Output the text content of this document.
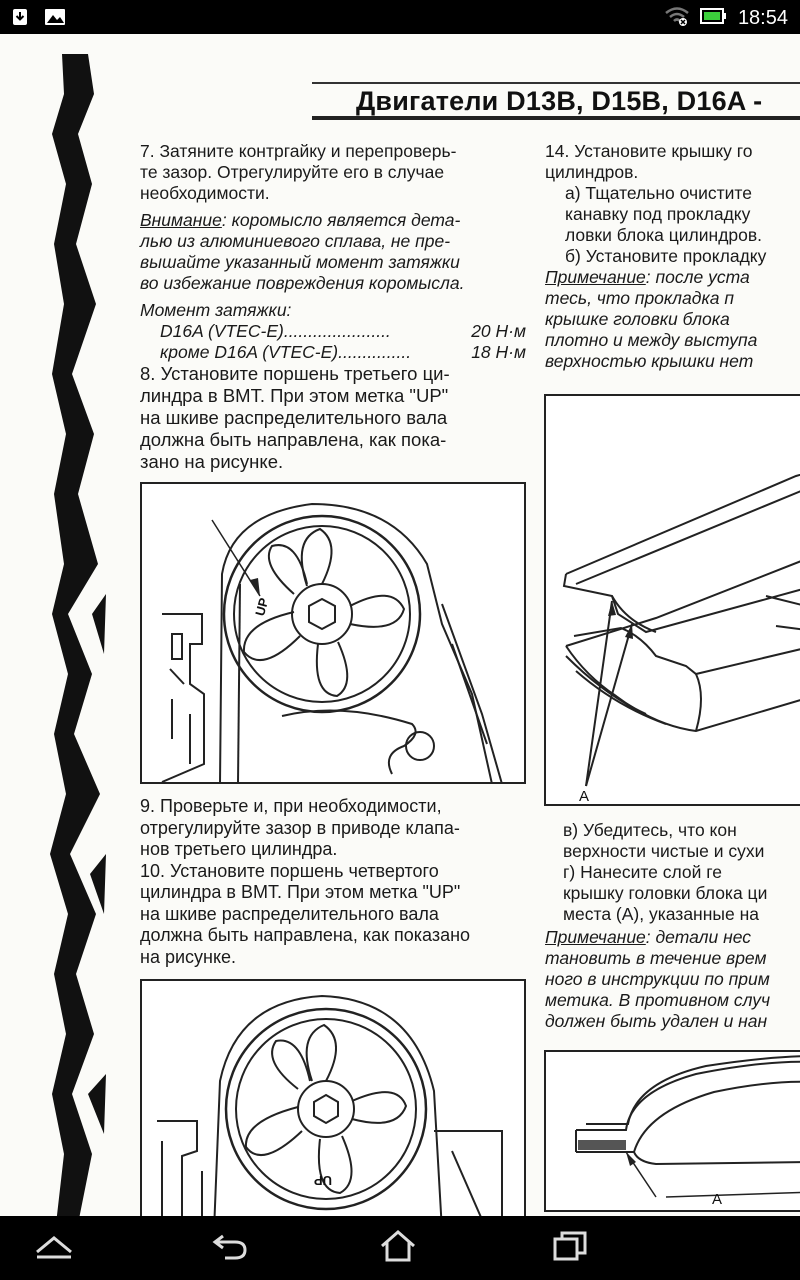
18:54
Двигатели D13B, D15B, D16A -

7. Затяните контргайку и перепроверь-

те зазор. Отрегулируйте его в случае

необходимости.

Внимание: коромысло является дета-

лью из алюминиевого сплава, не пре-

вышайте указанный момент затяжки

во избежание повреждения коромысла.

Момент затяжки:

D16A (VTEC-E)......................	20 Н·м
кроме D16A (VTEC-E)...............	18 Н·м

8. Установите поршень третьего ци-

линдра в ВМТ. При этом метка "UP"

на шкиве распределительного вала

должна быть направлена, как пока-

зано на рисунке.

UP

9. Проверьте и, при необходимости,

отрегулируйте зазор в приводе клапа-

нов третьего цилиндра.

10. Установите поршень четвертого

цилиндра в ВМТ. При этом метка "UP"

на шкиве распределительного вала

должна быть направлена, как показано

на рисунке.

UP

14. Установите крышку го

цилиндров.

а) Тщательно очистите

канавку под прокладку

ловки блока цилиндров.

б) Установите прокладку

Примечание: после уста

тесь, что прокладка п

крышке головки блока

плотно и между выступа

верхностью крышки нет

A

в) Убедитесь, что кон

верхности чистые и сухи

г) Нанесите слой ге

крышку головки блока ци

места (А), указанные на

Примечание: детали нес

тановить в течение врем

ного в инструкции по прим

метика. В противном случ

должен быть удален и нан

A
